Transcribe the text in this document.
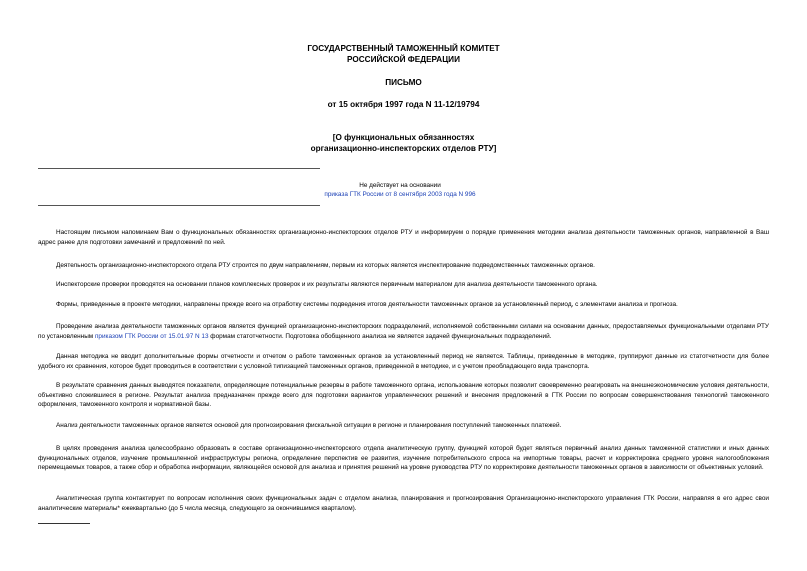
ГОСУДАРСТВЕННЫЙ ТАМОЖЕННЫЙ КОМИТЕТ
РОССИЙСКОЙ ФЕДЕРАЦИИ
ПИСЬМО
от 15 октября 1997 года N 11-12/19794
[О функциональных обязанностях
организационно-инспекторских отделов РТУ]
Не действует на основании
приказа ГТК России от 8 сентября 2003 года N 996
Настоящим письмом напоминаем Вам о функциональных обязанностях организационно-инспекторских отделов РТУ и информируем о порядке применения методики анализа деятельности таможенных органов, направленной в Ваш адрес ранее для подготовки замечаний и предложений по ней.
Деятельность организационно-инспекторского отдела РТУ строится по двум направлениям, первым из которых является инспектирование подведомственных таможенных органов.
Инспекторские проверки проводятся на основании планов комплексных проверок и их результаты являются первичным материалом для анализа деятельности таможенного органа.
Формы, приведенные в проекте методики, направлены прежде всего на отработку системы подведения итогов деятельности таможенных органов за установленный период, с элементами анализа и прогноза.
Проведение анализа деятельности таможенных органов является функцией организационно-инспекторских подразделений, исполняемой собственными силами на основании данных, предоставляемых функциональными отделами РТУ по установленным приказом ГТК России от 15.01.97 N 13 формам статотчетности. Подготовка обобщенного анализа не является задачей функциональных подразделений.
Данная методика не вводит дополнительные формы отчетности и отчетом о работе таможенных органов за установленный период не является. Таблицы, приведенные в методике, группируют данные из статотчетности для более удобного их сравнения, которое будет проводиться в соответствии с условной типизацией таможенных органов, приведенной в методике, и с учетом преобладающего вида транспорта.
В результате сравнения данных выводятся показатели, определяющие потенциальные резервы в работе таможенного органа, использование которых позволит своевременно реагировать на внешнеэкономические условия деятельности, объективно сложившиеся в регионе. Результат анализа предназначен прежде всего для подготовки вариантов управленческих решений и внесения предложений в ГТК России по вопросам совершенствования технологий таможенного оформления, таможенного контроля и нормативной базы.
Анализ деятельности таможенных органов является основой для прогнозирования фискальной ситуации в регионе и планирования поступлений таможенных платежей.
В целях проведения анализа целесообразно образовать в составе организационно-инспекторского отдела аналитическую группу, функцией которой будет являться первичный анализ данных таможенной статистики и иных данных функциональных отделов, изучение промышленной инфраструктуры региона, определение перспектив ее развития, изучение потребительского спроса на импортные товары, расчет и корректировка среднего уровня налогообложения перемещаемых товаров, а также сбор и обработка информации, являющейся основой для анализа и принятия решений на уровне руководства РТУ по корректировке деятельности таможенных органов в зависимости от объективных условий.
Аналитическая группа контактирует по вопросам исполнения своих функциональных задач с отделом анализа, планирования и прогнозирования Организационно-инспекторского управления ГТК России, направляя в его адрес свои аналитические материалы* ежеквартально (до 5 числа месяца, следующего за окончившимся кварталом).
